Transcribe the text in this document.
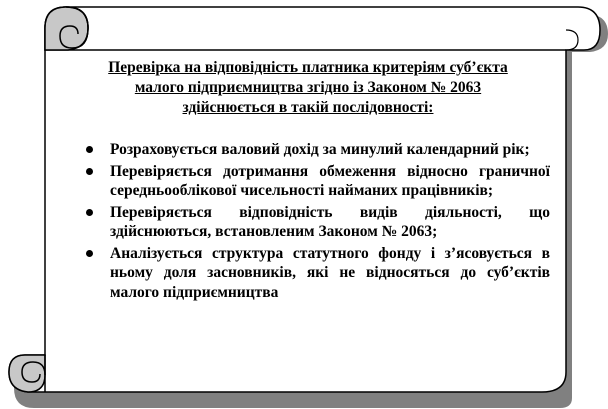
Перевірка на відповідність платника критеріям суб’єкта
малого підприємництва згідно із Законом № 2063
здійснюється в такій послідовності:

Розраховується валовий дохід за минулий календарний рік;
Перевіряється дотримання обмеження відносно граничної середньооблікової чисельності найманих працівників;
Перевіряється відповідність видів діяльності, що здійснюються, встановленим Законом № 2063;
Аналізується структура статутного фонду і з’ясовується в ньому доля засновників, які не відносяться до суб’єктів малого підприємництва
